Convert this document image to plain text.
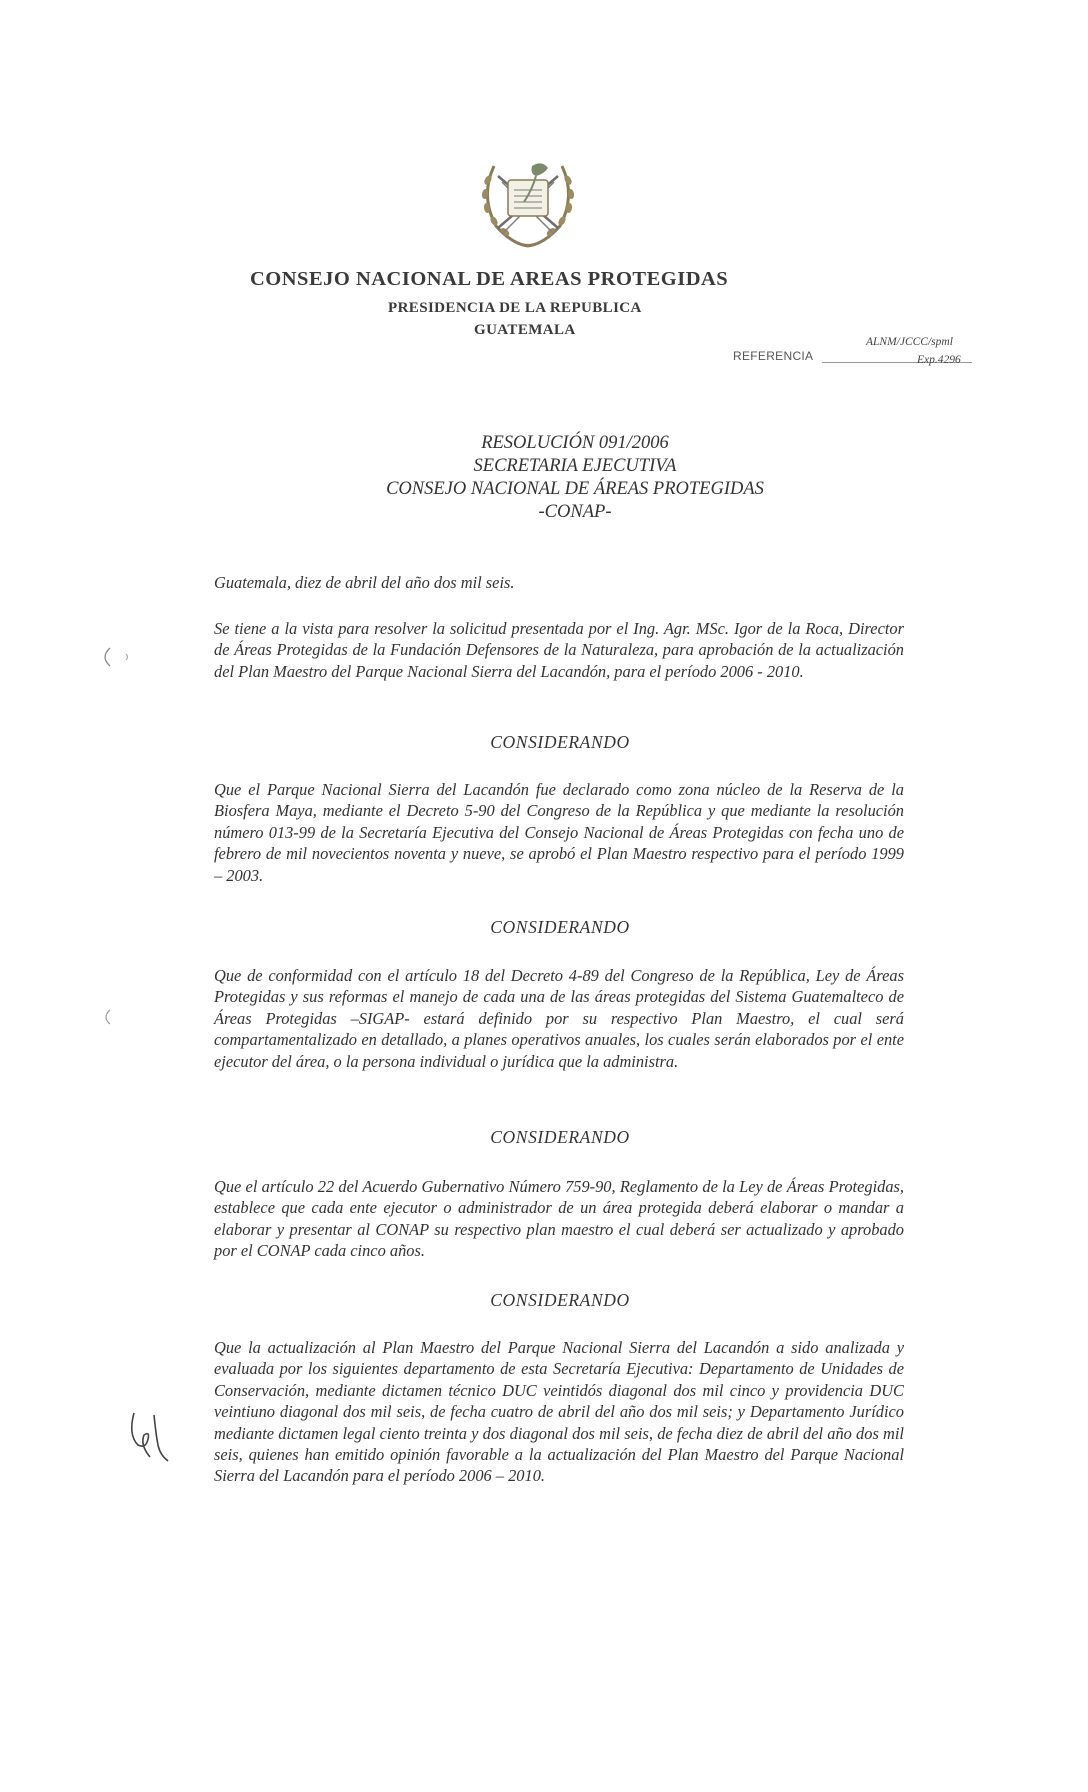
CONSEJO NACIONAL DE AREAS PROTEGIDAS
PRESIDENCIA DE LA REPUBLICA
GUATEMALA
REFERENCIA
ALNM/JCCC/spml
Exp.4296
RESOLUCIÓN 091/2006
SECRETARIA EJECUTIVA
CONSEJO NACIONAL DE ÁREAS PROTEGIDAS
-CONAP-
Guatemala, diez de abril del año dos mil seis.
Se tiene a la vista para resolver la solicitud presentada por el Ing. Agr. MSc. Igor de la Roca, Director de Áreas Protegidas de la Fundación Defensores de la Naturaleza, para aprobación de la actualización del Plan Maestro del Parque Nacional Sierra del Lacandón, para el período 2006 - 2010.
CONSIDERANDO
Que el Parque Nacional Sierra del Lacandón fue declarado como zona núcleo de la Reserva de la Biosfera Maya, mediante el Decreto 5-90 del Congreso de la República y que mediante la resolución número 013-99 de la Secretaría Ejecutiva del Consejo Nacional de Áreas Protegidas con fecha uno de febrero de mil novecientos noventa y nueve, se aprobó el Plan Maestro respectivo para el período 1999 – 2003.
CONSIDERANDO
Que de conformidad con el artículo 18 del Decreto 4-89 del Congreso de la República, Ley de Áreas Protegidas y sus reformas el manejo de cada una de las áreas protegidas del Sistema Guatemalteco de Áreas Protegidas –SIGAP- estará definido por su respectivo Plan Maestro, el cual será compartamentalizado en detallado, a planes operativos anuales, los cuales serán elaborados por el ente ejecutor del área, o la persona individual o jurídica que la administra.
CONSIDERANDO
Que el artículo 22 del Acuerdo Gubernativo Número 759-90, Reglamento de la Ley de Áreas Protegidas, establece que cada ente ejecutor o administrador de un área protegida deberá elaborar o mandar a elaborar y presentar al CONAP su respectivo plan maestro el cual deberá ser actualizado y aprobado por el CONAP cada cinco años.
CONSIDERANDO
Que la actualización al Plan Maestro del Parque Nacional Sierra del Lacandón a sido analizada y evaluada por los siguientes departamento de esta Secretaría Ejecutiva: Departamento de Unidades de Conservación, mediante dictamen técnico DUC veintidós diagonal dos mil cinco y providencia DUC veintiuno diagonal dos mil seis, de fecha cuatro de abril del año dos mil seis; y Departamento Jurídico mediante dictamen legal ciento treinta y dos diagonal dos mil seis, de fecha diez de abril del año dos mil seis, quienes han emitido opinión favorable a la actualización del Plan Maestro del Parque Nacional Sierra del Lacandón para el período 2006 – 2010.
